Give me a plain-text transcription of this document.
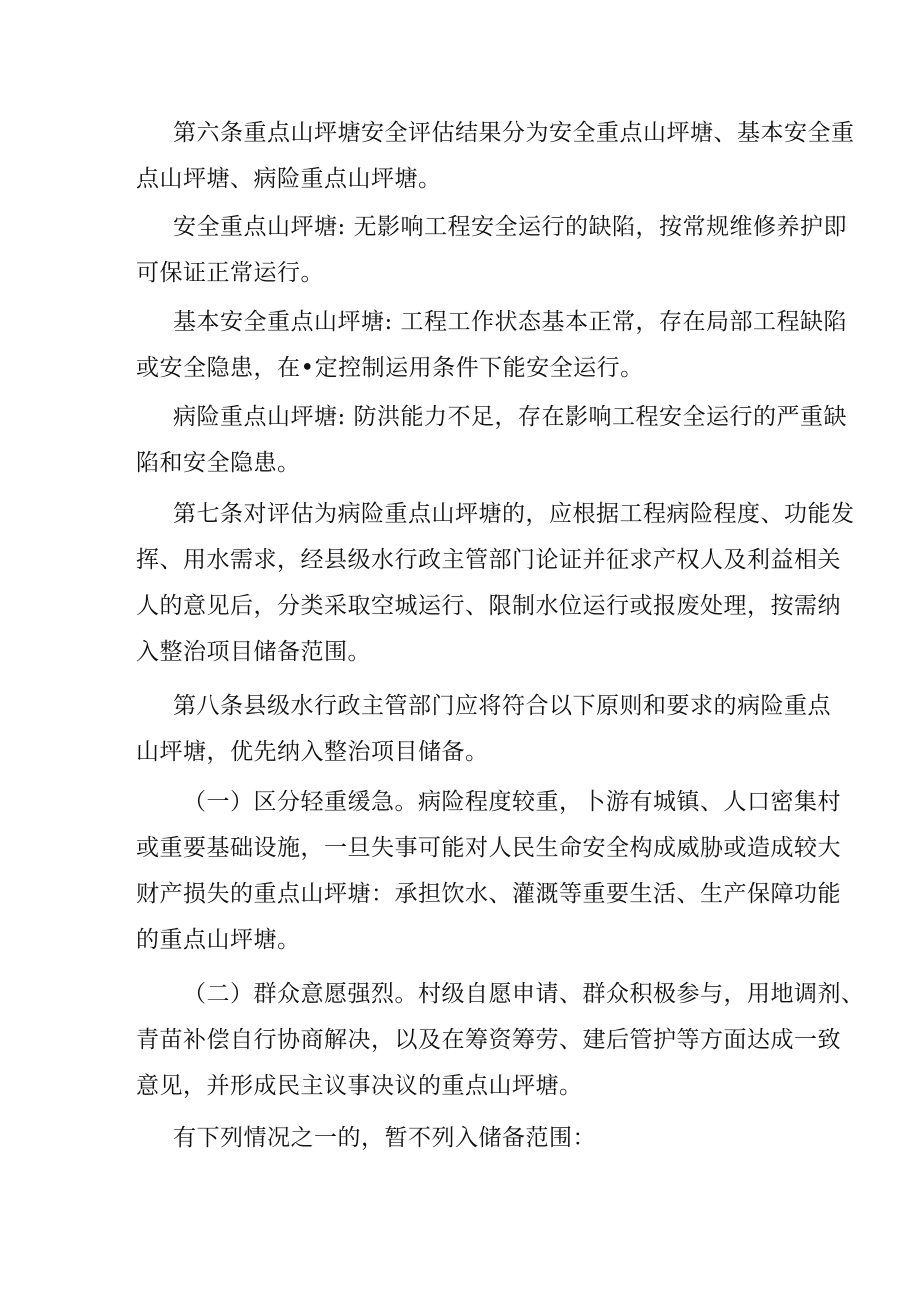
第六条重点山坪塘安全评估结果分为安全重点山坪塘、基本安全重
点山坪塘、病险重点山坪塘。
安全重点山坪塘: 无影响工程安全运行的缺陷，按常规维修养护即
可保证正常运行。
基本安全重点山坪塘: 工程工作状态基本正常，存在局部工程缺陷
或安全隐患，在•定控制运用条件下能安全运行。
病险重点山坪塘: 防洪能力不足，存在影响工程安全运行的严重缺
陷和安全隐患。
第七条对评估为病险重点山坪塘的，应根据工程病险程度、功能发
挥、用水需求，经县级水行政主管部门论证并征求产权人及利益相关
人的意见后，分类采取空城运行、限制水位运行或报废处理，按需纳
入整治项目储备范围。
第八条县级水行政主管部门应将符合以下原则和要求的病险重点
山坪塘，优先纳入整治项目储备。
（一）区分轻重缓急。病险程度较重，卜游有城镇、人口密集村
或重要基础设施，一旦失事可能对人民生命安全构成威胁或造成较大
财产损失的重点山坪塘：承担饮水、灌溉等重要生活、生产保障功能
的重点山坪塘。
（二）群众意愿强烈。村级自愿申请、群众积极参与，用地调剂、
青苗补偿自行协商解决，以及在筹资筹劳、建后管护等方面达成一致
意见，并形成民主议事决议的重点山坪塘。
有下列情况之一的，暂不列入储备范围：
